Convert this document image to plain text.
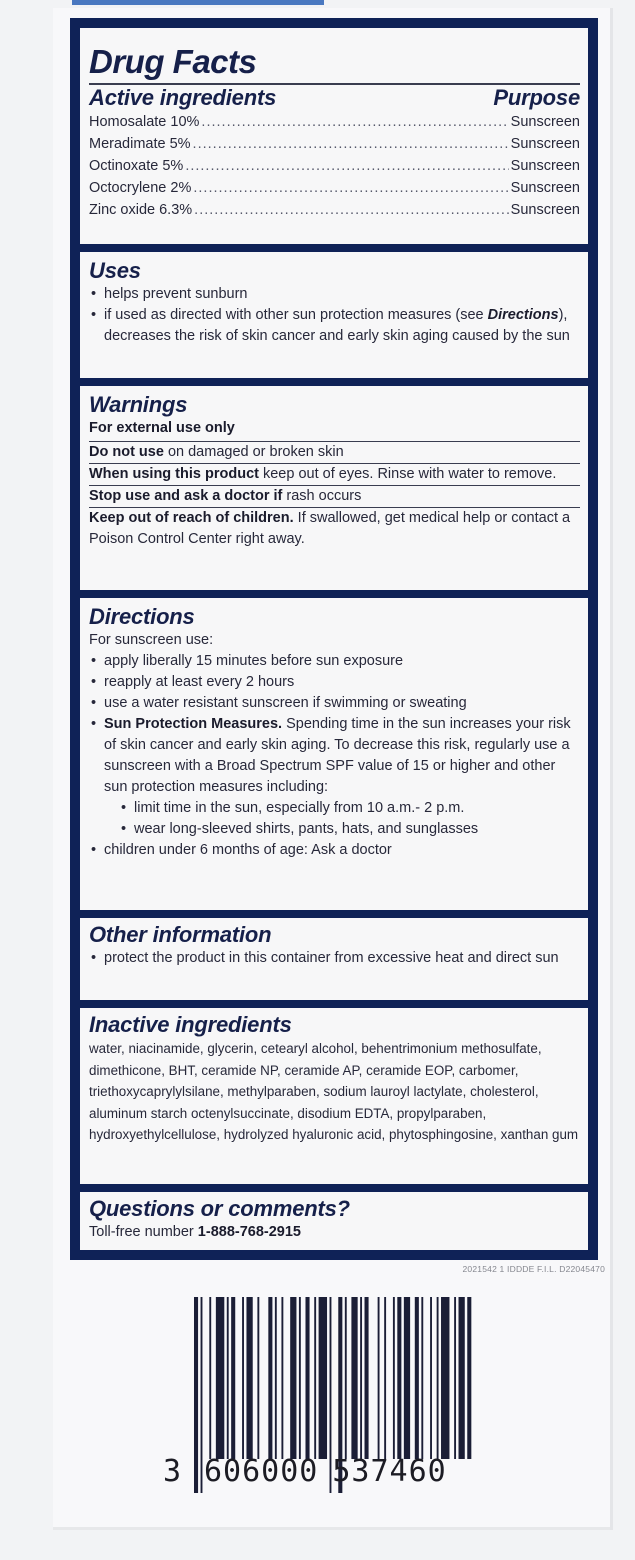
Drug Facts
Active ingredients	Purpose
Homosalate 10% .....	Sunscreen
Meradimate 5% .....	Sunscreen
Octinoxate 5% .....	Sunscreen
Octocrylene 2% .....	Sunscreen
Zinc oxide 6.3% .....	Sunscreen
Uses
• helps prevent sunburn
• if used as directed with other sun protection measures (see Directions), decreases the risk of skin cancer and early skin aging caused by the sun
Warnings
For external use only
Do not use on damaged or broken skin
When using this product keep out of eyes. Rinse with water to remove.
Stop use and ask a doctor if rash occurs
Keep out of reach of children. If swallowed, get medical help or contact a Poison Control Center right away.
Directions
For sunscreen use:
• apply liberally 15 minutes before sun exposure
• reapply at least every 2 hours
• use a water resistant sunscreen if swimming or sweating
• Sun Protection Measures. Spending time in the sun increases your risk of skin cancer and early skin aging. To decrease this risk, regularly use a sunscreen with a Broad Spectrum SPF value of 15 or higher and other sun protection measures including:
• limit time in the sun, especially from 10 a.m.- 2 p.m.
• wear long-sleeved shirts, pants, hats, and sunglasses
• children under 6 months of age: Ask a doctor
Other information
• protect the product in this container from excessive heat and direct sun
Inactive ingredients
water, niacinamide, glycerin, cetearyl alcohol, behentrimonium methosulfate, dimethicone, BHT, ceramide NP, ceramide AP, ceramide EOP, carbomer, triethoxycaprylylsilane, methylparaben, sodium lauroyl lactylate, cholesterol, aluminum starch octenylsuccinate, disodium EDTA, propylparaben, hydroxyethylcellulose, hydrolyzed hyaluronic acid, phytosphingosine, xanthan gum
Questions or comments?
Toll-free number 1-888-768-2915
2021542 1 IDDDE F.I.L. D22045470
3 606000 537460
